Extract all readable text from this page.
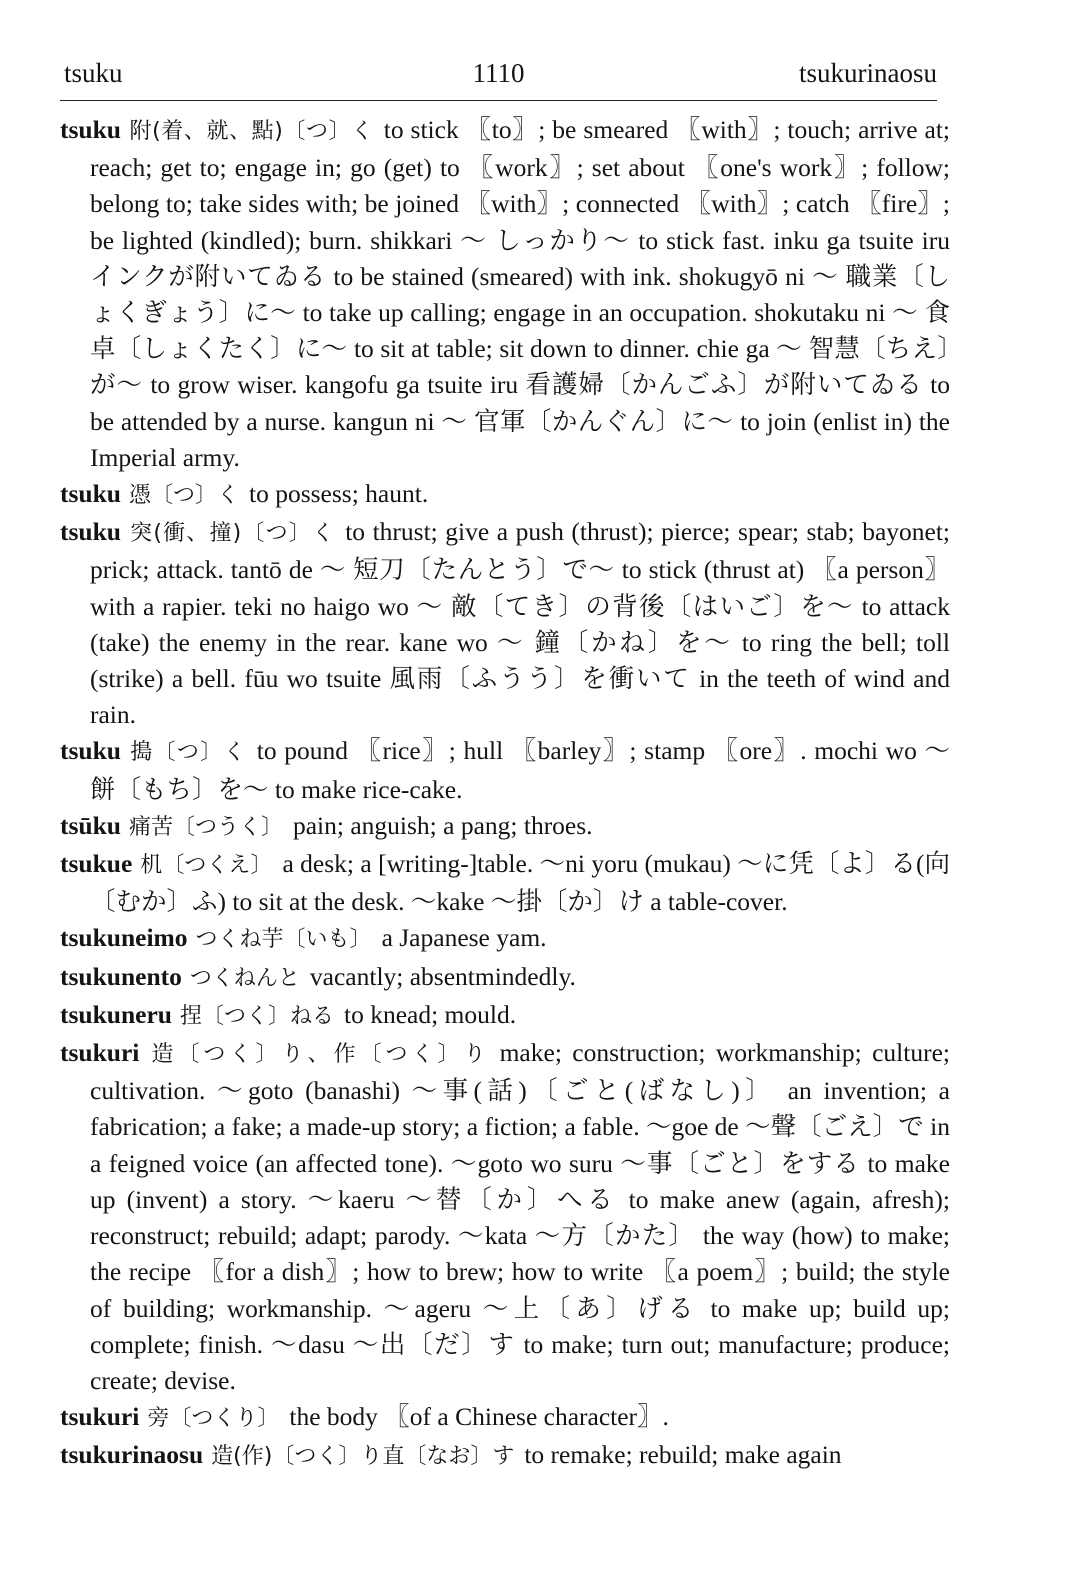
tsuku	1110	tsukurinaosu

tsuku 附(着、就、點)〔つ〕く to stick 〖to〗; be smeared 〖with〗; touch; arrive at; reach; get to; engage in; go (get) to 〖work〗; set about 〖one's work〗; follow; belong to; take sides with; be joined 〖with〗; connected 〖with〗; catch 〖fire〗; be lighted (kindled); burn. shikkari ～ しっかり～ to stick fast. inku ga tsuite iru インクが附いてゐる to be stained (smeared) with ink. shokugyō ni ～ 職業〔しょくぎょう〕に～ to take up calling; engage in an occupation. shokutaku ni ～ 食卓〔しょくたく〕に～ to sit at table; sit down to dinner. chie ga ～ 智慧〔ちえ〕が～ to grow wiser. kangofu ga tsuite iru 看護婦〔かんごふ〕が附いてゐる to be attended by a nurse. kangun ni ～ 官軍〔かんぐん〕に～ to join (enlist in) the Imperial army.

tsuku 憑〔つ〕く to possess; haunt.

tsuku 突(衝、撞)〔つ〕く to thrust; give a push (thrust); pierce; spear; stab; bayonet; prick; attack. tantō de ～ 短刀〔たんとう〕で～ to stick (thrust at) 〖a person〗 with a rapier. teki no haigo wo ～ 敵〔てき〕の背後〔はいご〕を～ to attack (take) the enemy in the rear. kane wo ～ 鐘〔かね〕を～ to ring the bell; toll (strike) a bell. fūu wo tsuite 風雨〔ふうう〕を衝いて in the teeth of wind and rain.

tsuku 搗〔つ〕く to pound 〖rice〗; hull 〖barley〗; stamp 〖ore〗. mochi wo ～ 餅〔もち〕を～ to make rice-cake.

tsūku 痛苦〔つうく〕 pain; anguish; a pang; throes.

tsukue 机〔つくえ〕 a desk; a [writing-]table. ～ni yoru (mukau) ～に凭〔よ〕る(向〔むか〕ふ) to sit at the desk. ～kake ～掛〔か〕け a table-cover.

tsukuneimo つくね芋〔いも〕 a Japanese yam.

tsukunento つくねんと vacantly; absentmindedly.

tsukuneru 捏〔つく〕ねる to knead; mould.

tsukuri 造〔つく〕り、作〔つく〕り make; construction; workmanship; culture; cultivation. ～goto (banashi) ～事(話)〔ごと(ばなし)〕 an invention; a fabrication; a fake; a made-up story; a fiction; a fable. ～goe de ～聲〔ごえ〕で in a feigned voice (an affected tone). ～goto wo suru ～事〔ごと〕をする to make up (invent) a story. ～kaeru ～替〔か〕へる to make anew (again, afresh); reconstruct; rebuild; adapt; parody. ～kata ～方〔かた〕 the way (how) to make; the recipe 〖for a dish〗; how to brew; how to write 〖a poem〗; build; the style of building; workmanship. ～ageru ～上〔あ〕げる to make up; build up; complete; finish. ～dasu ～出〔だ〕す to make; turn out; manufacture; produce; create; devise.

tsukuri 旁〔つくり〕 the body 〖of a Chinese character〗.

tsukurinaosu 造(作)〔つく〕り直〔なお〕す to remake; rebuild; make again
